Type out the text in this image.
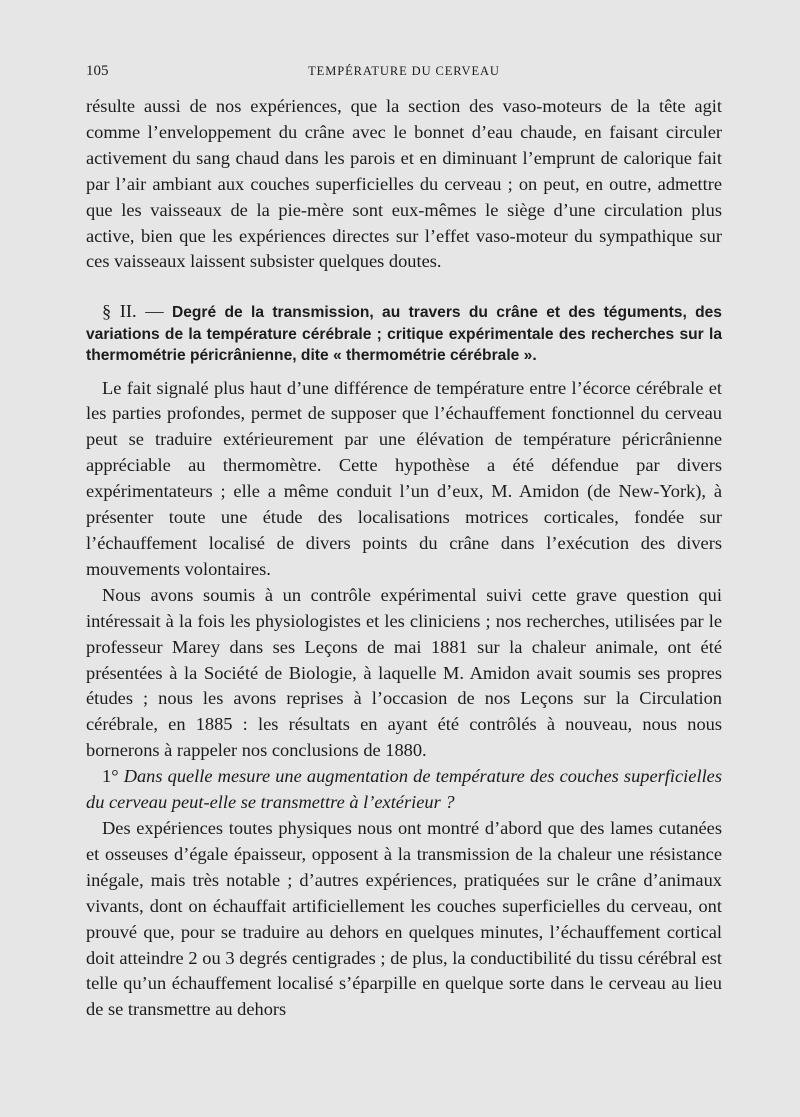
105	TEMPÉRATURE DU CERVEAU

résulte aussi de nos expériences, que la section des vaso-moteurs de la tête agit comme l’enveloppement du crâne avec le bonnet d’eau chaude, en faisant circuler activement du sang chaud dans les parois et en diminuant l’emprunt de calorique fait par l’air ambiant aux couches superficielles du cerveau ; on peut, en outre, admettre que les vaisseaux de la pie-mère sont eux-mêmes le siège d’une circulation plus active, bien que les expériences directes sur l’effet vaso-moteur du sympathique sur ces vaisseaux laissent subsister quelques doutes.

§ II. — Degré de la transmission, au travers du crâne et des téguments, des variations de la température cérébrale ; critique expérimentale des recherches sur la thermométrie péricrânienne, dite « thermométrie cérébrale ».

Le fait signalé plus haut d’une différence de température entre l’écorce cérébrale et les parties profondes, permet de supposer que l’échauffement fonctionnel du cerveau peut se traduire extérieurement par une élévation de température péricrânienne appréciable au thermomètre. Cette hypothèse a été défendue par divers expérimentateurs ; elle a même conduit l’un d’eux, M. Amidon (de New-York), à présenter toute une étude des localisations motrices corticales, fondée sur l’échauffement localisé de divers points du crâne dans l’exécution des divers mouvements volontaires.

Nous avons soumis à un contrôle expérimental suivi cette grave question qui intéressait à la fois les physiologistes et les cliniciens ; nos recherches, utilisées par le professeur Marey dans ses Leçons de mai 1881 sur la chaleur animale, ont été présentées à la Société de Biologie, à laquelle M. Amidon avait soumis ses propres études ; nous les avons reprises à l’occasion de nos Leçons sur la Circulation cérébrale, en 1885 : les résultats en ayant été contrôlés à nouveau, nous nous bornerons à rappeler nos conclusions de 1880.

1° Dans quelle mesure une augmentation de température des couches superficielles du cerveau peut-elle se transmettre à l’extérieur ?

Des expériences toutes physiques nous ont montré d’abord que des lames cutanées et osseuses d’égale épaisseur, opposent à la transmission de la chaleur une résistance inégale, mais très notable ; d’autres expériences, pratiquées sur le crâne d’animaux vivants, dont on échauffait artificiellement les couches superficielles du cerveau, ont prouvé que, pour se traduire au dehors en quelques minutes, l’échauffement cortical doit atteindre 2 ou 3 degrés centigrades ; de plus, la conductibilité du tissu cérébral est telle qu’un échauffement localisé s’éparpille en quelque sorte dans le cerveau au lieu de se transmettre au dehors
